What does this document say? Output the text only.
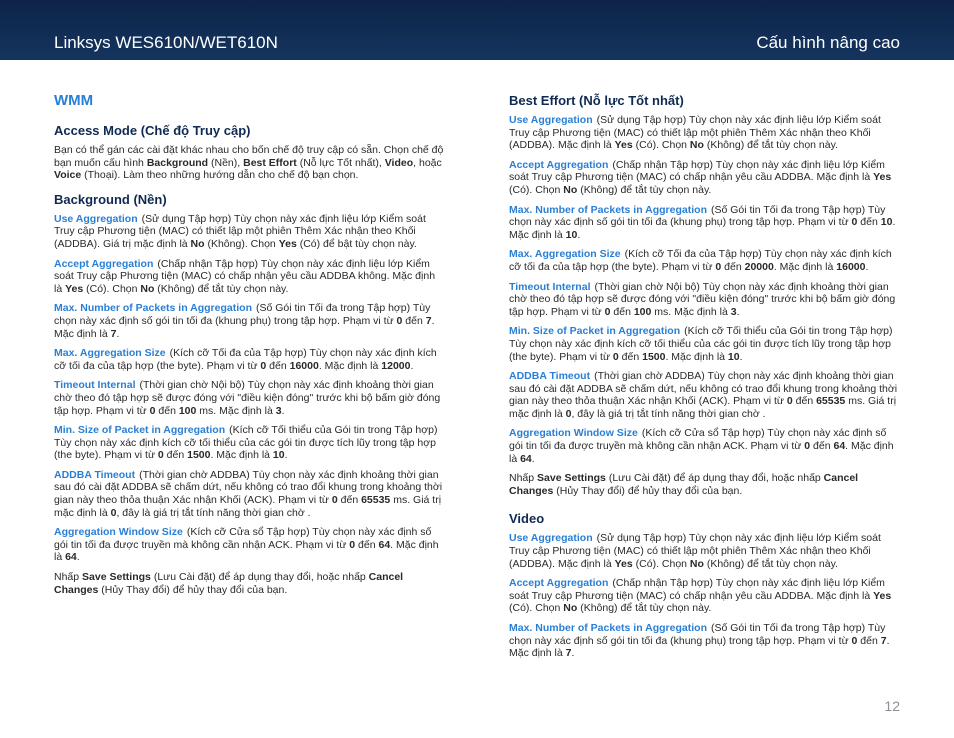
Linksys WES610N/WET610N	Cấu hình nâng cao
WMM
Access Mode (Chế độ Truy cập)

Bạn có thể gán các cài đặt khác nhau cho bốn chế độ truy cập có sẵn. Chọn chế độ bạn muốn cấu hình Background (Nền), Best Effort (Nỗ lực Tốt nhất), Video, hoặc Voice (Thoại). Làm theo những hướng dẫn cho chế độ bạn chọn.

Background (Nền)

Use Aggregation (Sử dụng Tập hợp) Tùy chọn này xác định liệu lớp Kiểm soát Truy cập Phương tiện (MAC) có thiết lập một phiên Thêm Xác nhận theo Khối (ADDBA). Giá trị mặc định là No (Không). Chọn Yes (Có) để bật tùy chọn này.

Accept Aggregation (Chấp nhận Tập hợp) Tùy chọn này xác định liệu lớp Kiểm soát Truy cập Phương tiện (MAC) có chấp nhận yêu cầu ADDBA không. Mặc định là Yes (Có). Chọn No (Không) để tắt tùy chọn này.

Max. Number of Packets in Aggregation (Số Gói tin Tối đa trong Tập hợp) Tùy chọn này xác định số gói tin tối đa (khung phụ) trong tập hợp. Phạm vi từ 0 đến 7. Mặc định là 7.

Max. Aggregation Size (Kích cỡ Tối đa của Tập hợp) Tùy chọn này xác định kích cỡ tối đa của tập hợp (the byte). Phạm vi từ 0 đến 16000. Mặc định là 12000.

Timeout Internal (Thời gian chờ Nội bộ) Tùy chọn này xác định khoảng thời gian chờ theo đó tập hợp sẽ được đóng với "điều kiện đóng" trước khi bộ bấm giờ đóng tập hợp. Phạm vi từ 0 đến 100 ms. Mặc định là 3.

Min. Size of Packet in Aggregation (Kích cỡ Tối thiểu của Gói tin trong Tập hợp) Tùy chọn này xác định kích cỡ tối thiểu của các gói tin được tích lũy trong tập hợp (the byte). Phạm vi từ 0 đến 1500. Mặc định là 10.

ADDBA Timeout (Thời gian chờ ADDBA) Tùy chọn này xác định khoảng thời gian sau đó cài đặt ADDBA sẽ chấm dứt, nếu không có trao đổi khung trong khoảng thời gian này theo thỏa thuận Xác nhận Khối (ACK). Phạm vi từ 0 đến 65535 ms. Giá trị mặc định là 0, đây là giá trị tắt tính năng thời gian chờ .

Aggregation Window Size (Kích cỡ Cửa sổ Tập hợp) Tùy chọn này xác định số gói tin tối đa được truyền mà không cần nhận ACK. Phạm vi từ 0 đến 64. Mặc định là 64.

Nhấp Save Settings (Lưu Cài đặt) để áp dụng thay đổi, hoặc nhấp Cancel Changes (Hủy Thay đổi) để hủy thay đổi của bạn.

Best Effort (Nỗ lực Tốt nhất)

Use Aggregation (Sử dụng Tập hợp) Tùy chọn này xác định liệu lớp Kiểm soát Truy cập Phương tiện (MAC) có thiết lập một phiên Thêm Xác nhận theo Khối (ADDBA). Mặc định là Yes (Có). Chọn No (Không) để tắt tùy chọn này.

Accept Aggregation (Chấp nhận Tập hợp) Tùy chọn này xác định liệu lớp Kiểm soát Truy cập Phương tiện (MAC) có chấp nhận yêu cầu ADDBA. Mặc định là Yes (Có). Chọn No (Không) để tắt tùy chọn này.

Max. Number of Packets in Aggregation (Số Gói tin Tối đa trong Tập hợp) Tùy chọn này xác định số gói tin tối đa (khung phụ) trong tập hợp. Phạm vi từ 0 đến 10. Mặc định là 10.

Max. Aggregation Size (Kích cỡ Tối đa của Tập hợp) Tùy chọn này xác định kích cỡ tối đa của tập hợp (the byte). Phạm vi từ 0 đến 20000. Mặc định là 16000.

Timeout Internal (Thời gian chờ Nội bộ) Tùy chọn này xác định khoảng thời gian chờ theo đó tập hợp sẽ được đóng với "điều kiện đóng" trước khi bộ bấm giờ đóng tập hợp. Phạm vi từ 0 đến 100 ms. Mặc định là 3.

Min. Size of Packet in Aggregation (Kích cỡ Tối thiểu của Gói tin trong Tập hợp) Tùy chọn này xác định kích cỡ tối thiểu của các gói tin được tích lũy trong tập hợp (the byte). Phạm vi từ 0 đến 1500. Mặc định là 10.

ADDBA Timeout (Thời gian chờ ADDBA) Tùy chọn này xác định khoảng thời gian sau đó cài đặt ADDBA sẽ chấm dứt, nếu không có trao đổi khung trong khoảng thời gian này theo thỏa thuận Xác nhận Khối (ACK). Phạm vi từ 0 đến 65535 ms. Giá trị mặc định là 0, đây là giá trị tắt tính năng thời gian chờ .

Aggregation Window Size (Kích cỡ Cửa sổ Tập hợp) Tùy chọn này xác định số gói tin tối đa được truyền mà không cần nhận ACK. Phạm vi từ 0 đến 64. Mặc định là 64.

Nhấp Save Settings (Lưu Cài đặt) để áp dụng thay đổi, hoặc nhấp Cancel Changes (Hủy Thay đổi) để hủy thay đổi của bạn.

Video

Use Aggregation (Sử dụng Tập hợp) Tùy chọn này xác định liệu lớp Kiểm soát Truy cập Phương tiện (MAC) có thiết lập một phiên Thêm Xác nhận theo Khối (ADDBA). Mặc định là Yes (Có). Chọn No (Không) để tắt tùy chọn này.

Accept Aggregation (Chấp nhận Tập hợp) Tùy chọn này xác định liệu lớp Kiểm soát Truy cập Phương tiện (MAC) có chấp nhận yêu cầu ADDBA. Mặc định là Yes (Có). Chọn No (Không) để tắt tùy chọn này.

Max. Number of Packets in Aggregation (Số Gói tin Tối đa trong Tập hợp) Tùy chọn này xác định số gói tin tối đa (khung phụ) trong tập hợp. Phạm vi từ 0 đến 7. Mặc định là 7.

12
